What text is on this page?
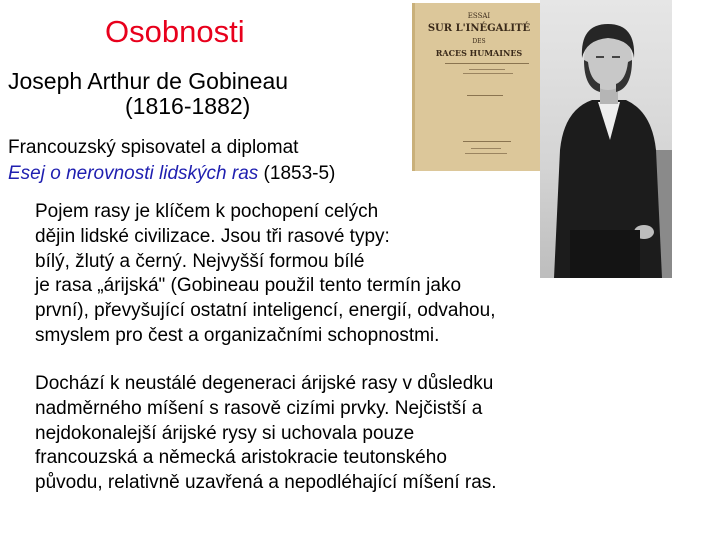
Osobnosti
Joseph Arthur de Gobineau
(1816-1882)
Francouzský spisovatel a diplomat
Esej o nerovnosti lidských ras (1853-5)
Pojem rasy je klíčem k pochopení celých
dějin lidské civilizace. Jsou tři rasové typy:
bílý, žlutý a černý. Nejvyšší formou bílé
je rasa „árijská" (Gobineau použil tento termín jako
první), převyšující ostatní inteligencí, energií, odvahou,
smyslem pro čest a organizačními schopnostmi.
Dochází k neustálé degeneraci árijské rasy v důsledku
nadměrného míšení s rasově cizími prvky. Nejčistší a
nejdokonalejší árijské rysy si uchovala pouze
francouzská a německá aristokracie teutonského
původu, relativně uzavřená a nepodléhající míšení ras.
ESSAI
SUR L'INÉGALITÉ
DES
RACES HUMAINES
